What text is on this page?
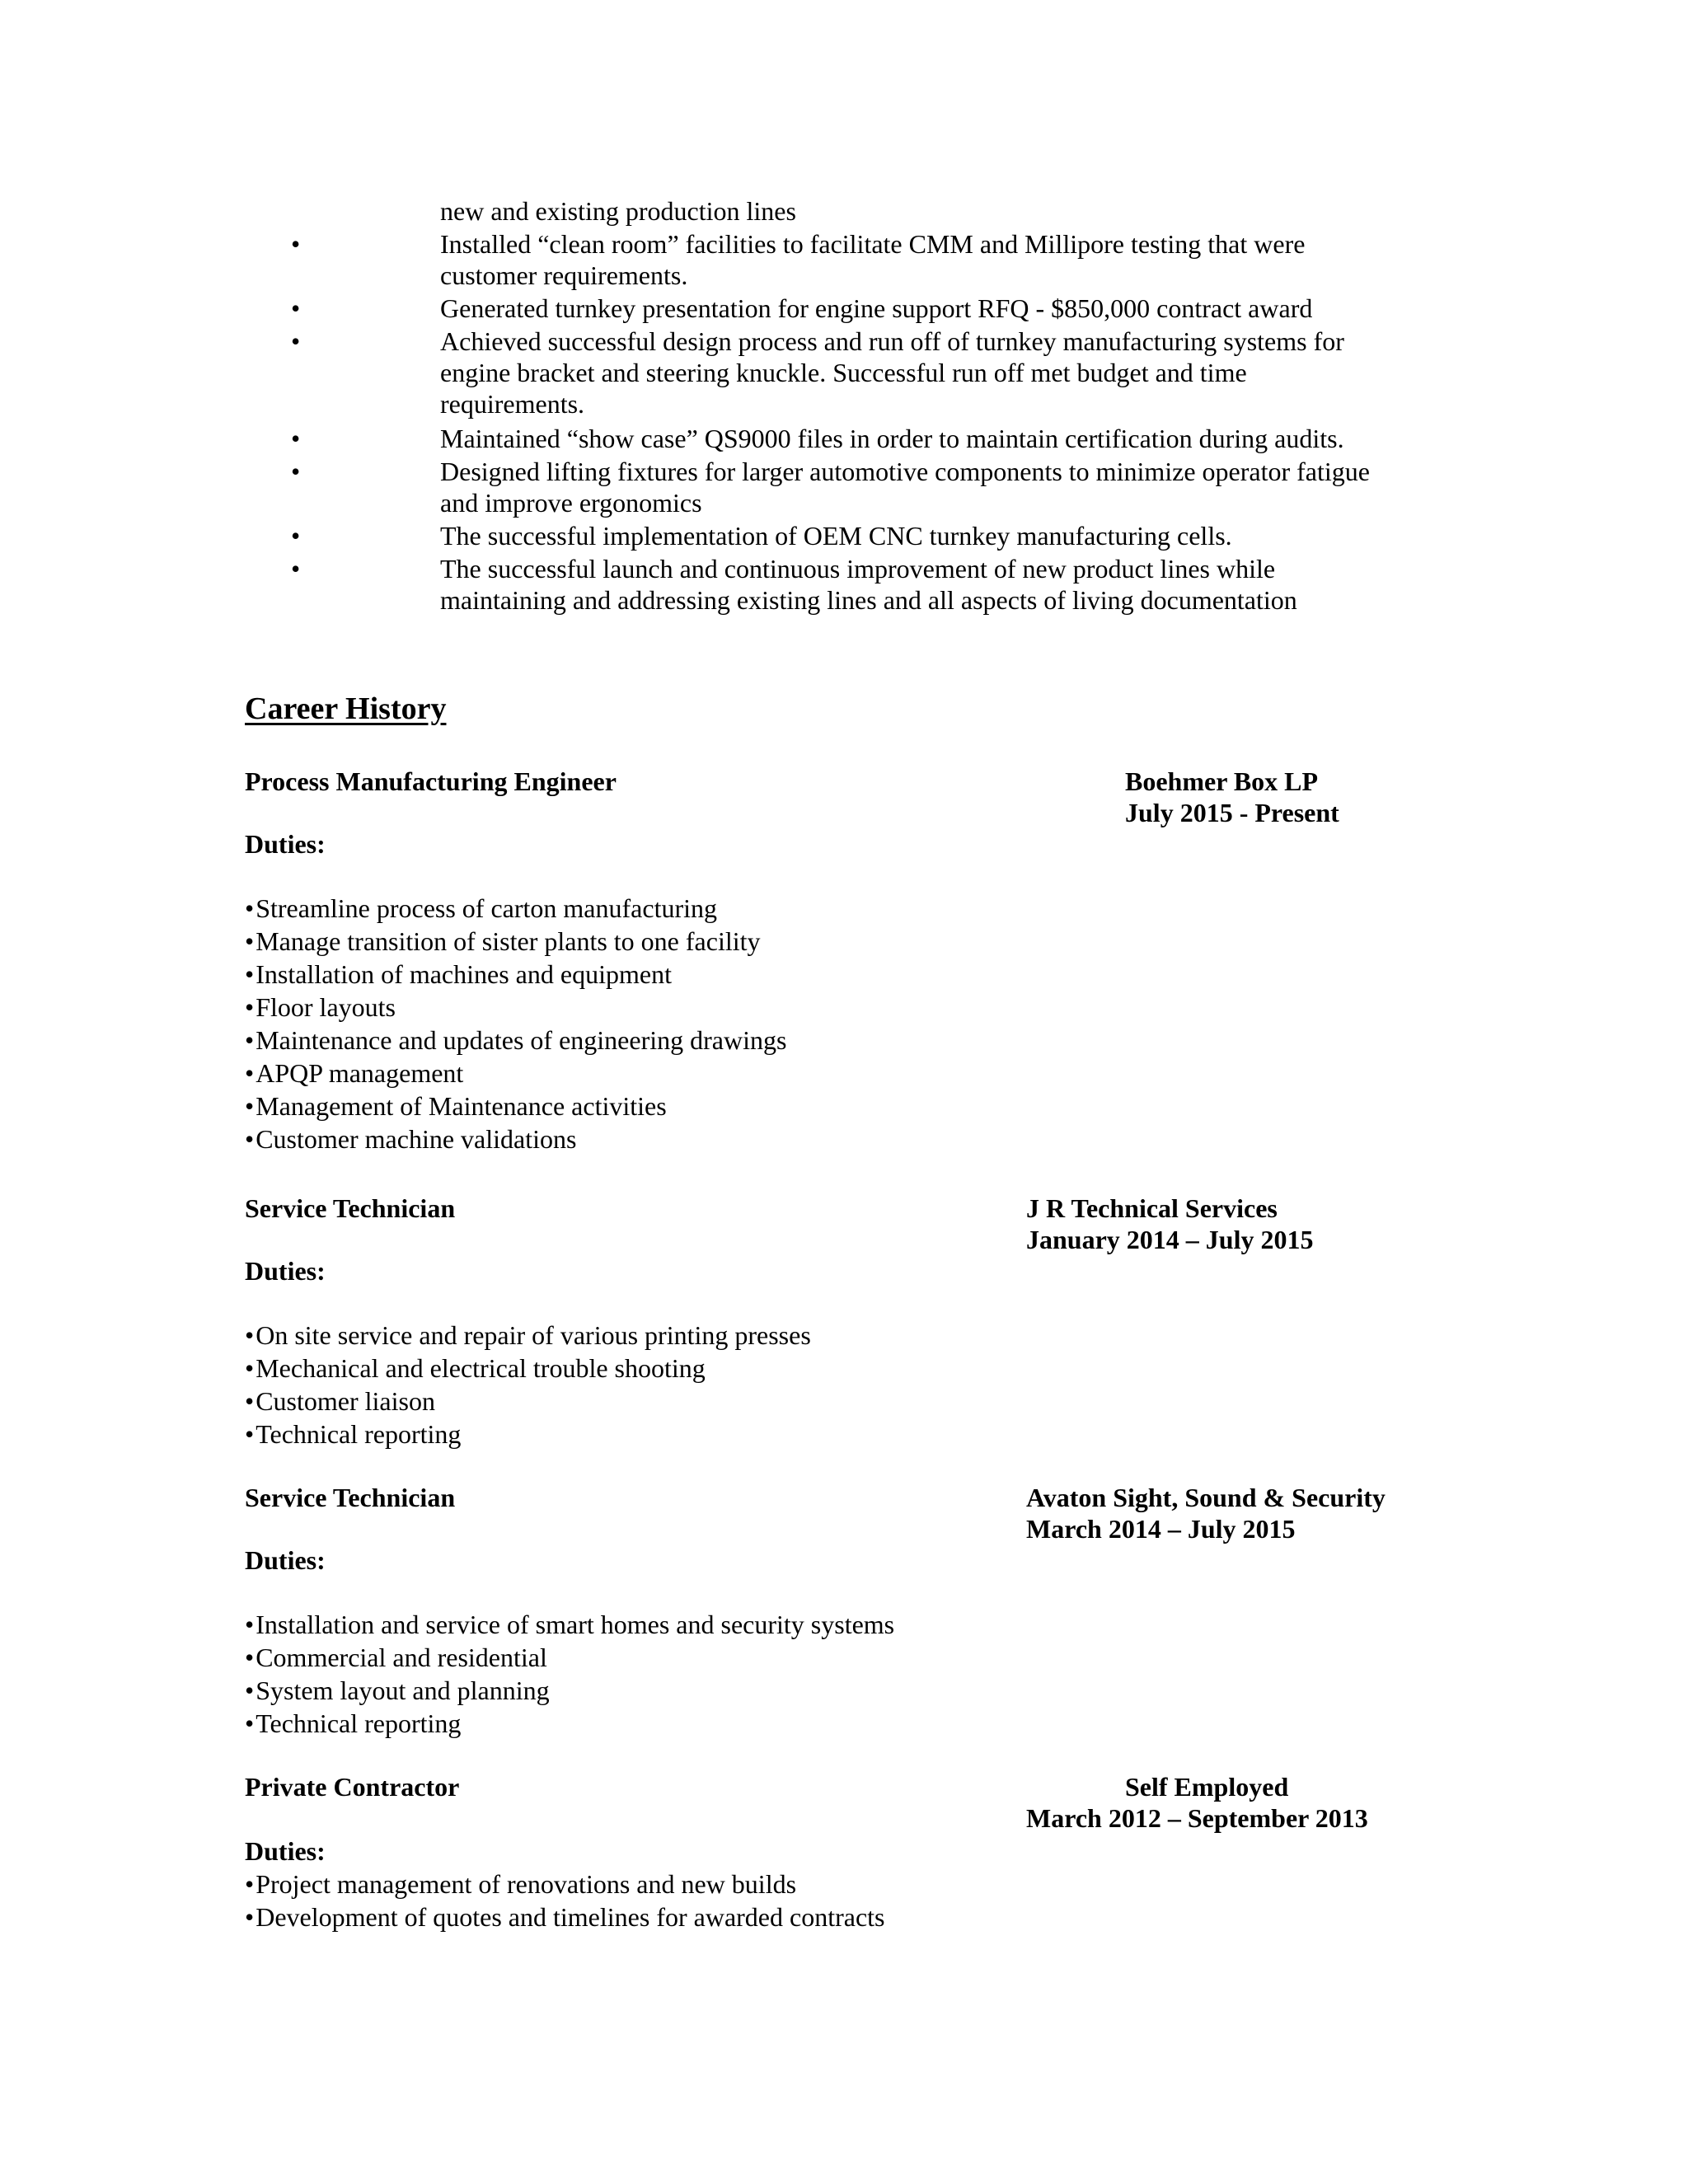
new and existing production lines
•	Installed “clean room” facilities to facilitate CMM and Millipore testing that were
customer requirements.
•	Generated turnkey presentation for engine support RFQ - $850,000 contract award
•	Achieved successful design process and run off of turnkey manufacturing systems for
engine bracket and steering knuckle. Successful run off met budget and time
requirements.
•	Maintained “show case” QS9000 files in order to maintain certification during audits.
•	Designed lifting fixtures for larger automotive components to minimize operator fatigue
and improve ergonomics
•	The successful implementation of OEM CNC turnkey manufacturing cells.
•	The successful launch and continuous improvement of new product lines while
maintaining and addressing existing lines and all aspects of living documentation
Career History
Process Manufacturing Engineer	Boehmer Box LP
July 2015 - Present
Duties:
•Streamline process of carton manufacturing
•Manage transition of sister plants to one facility
•Installation of machines and equipment
•Floor layouts
•Maintenance and updates of engineering drawings
•APQP management
•Management of Maintenance activities
•Customer machine validations
Service Technician	J R Technical Services
January 2014 – July 2015
Duties:
•On site service and repair of various printing presses
•Mechanical and electrical trouble shooting
•Customer liaison
•Technical reporting
Service Technician	Avaton Sight, Sound & Security
March 2014 – July 2015
Duties:
•Installation and service of smart homes and security systems
•Commercial and residential
•System layout and planning
•Technical reporting
Private Contractor	Self Employed
March 2012 – September 2013
Duties:
•Project management of renovations and new builds
•Development of quotes and timelines for awarded contracts
